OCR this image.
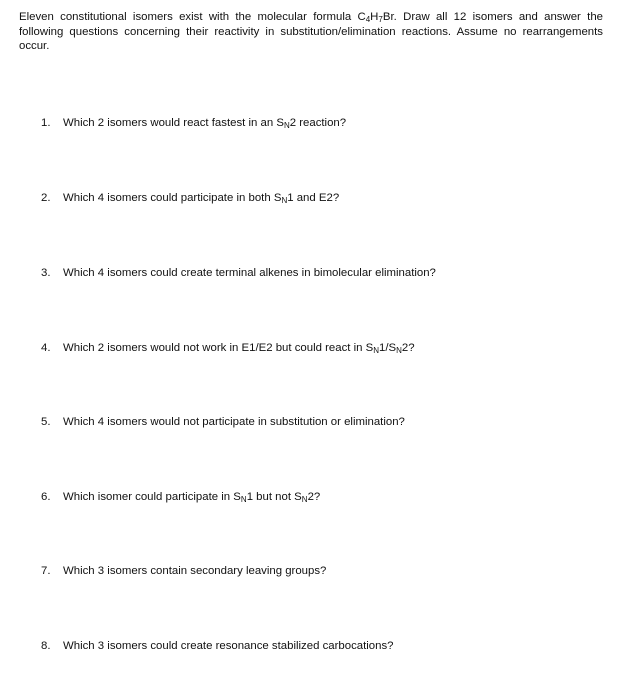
Eleven constitutional isomers exist with the molecular formula $C_4H_7Br$. Draw all 12 isomers and answer the following questions concerning their reactivity in substitution/elimination reactions. Assume no rearrangements occur.
1. Which 2 isomers would react fastest in an $S_N2$ reaction?
2. Which 4 isomers could participate in both $S_N1$ and E2?
3. Which 4 isomers could create terminal alkenes in bimolecular elimination?
4. Which 2 isomers would not work in E1/E2 but could react in $S_N1/S_N2$?
5. Which 4 isomers would not participate in substitution or elimination?
6. Which isomer could participate in $S_N1$ but not $S_N2$?
7. Which 3 isomers contain secondary leaving groups?
8. Which 3 isomers could create resonance stabilized carbocations?
